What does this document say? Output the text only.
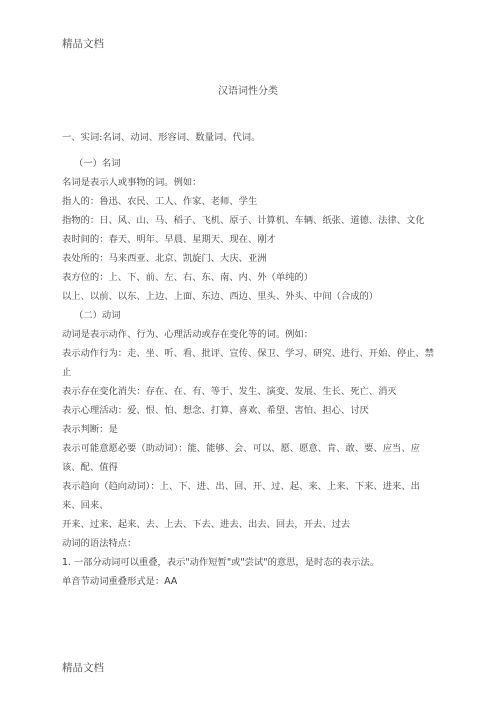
精品文档
汉语词性分类

一、实词:名词、动词、形容词、数量词、代词。

（一）名词

名词是表示人或事物的词。例如：

指人的：鲁迅、农民、工人、作家、老师、学生

指物的：日、风、山、马、稻子、飞机、原子、计算机、车辆、纸张、道德、法律、文化

表时间的：春天、明年、早晨、星期天、现在、刚才

表处所的：马来西亚、北京、凯旋门、大庆、亚洲

表方位的：上、下、前、左、右、东、南、内、外（单纯的）

以上、以前、以东、上边、上面、东边、西边、里头、外头、中间（合成的）

（二）动词

动词是表示动作、行为、心理活动或存在变化等的词。例如：

表示动作行为：走、坐、听、看、批评、宣传、保卫、学习、研究、进行、开始、停止、禁止

表示存在变化消失：存在、在、有、等于、发生、演变、发展、生长、死亡、消灭

表示心理活动：爱、恨、怕、想念、打算、喜欢、希望、害怕、担心、讨厌

表示判断：是

表示可能意愿必要（助动词）：能、能够、会、可以、愿、愿意、肯、敢、要、应当、应该、配、值得

表示趋向（趋向动词）：上、下、进、出、回、开、过、起、来、上来、下来、进来、出来、回来、

开来、过来、起来、去、上去、下去、进去、出去、回去，开去、过去

动词的语法特点：

1. 一部分动词可以重叠，表示"动作短暂"或"尝试"的意思，是时态的表示法。

单音节动词重叠形式是：AA

精品文档
